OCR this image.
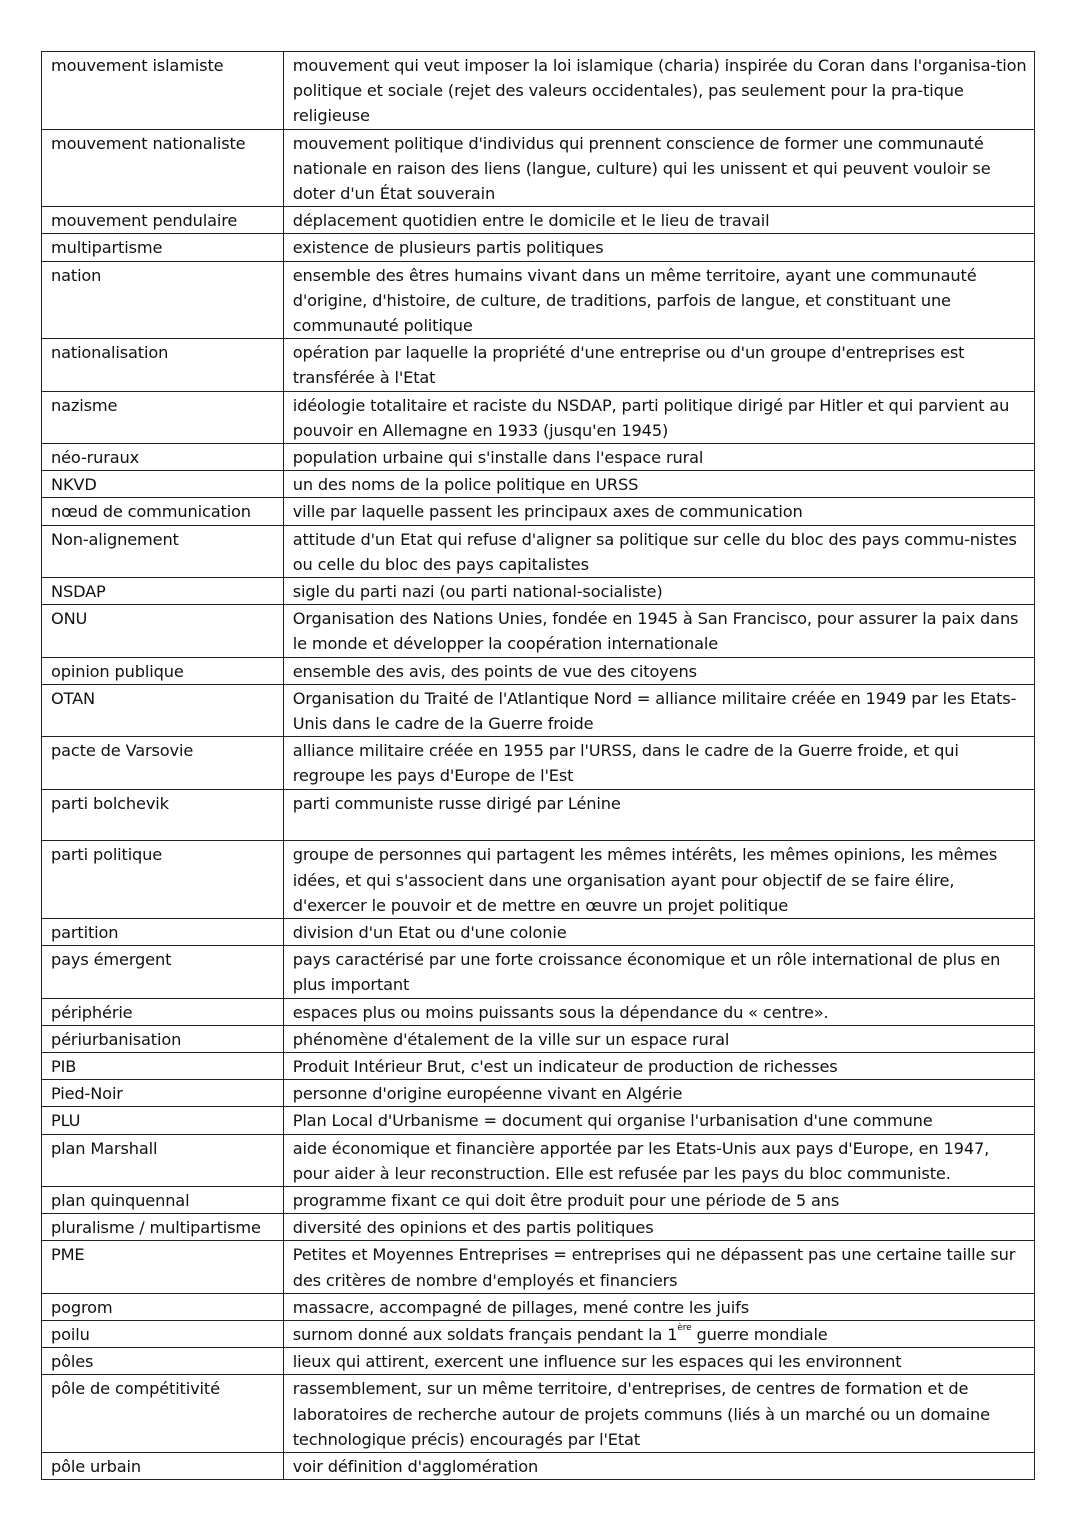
mouvement islamiste	mouvement qui veut imposer la loi islamique (charia) inspirée du Coran dans l'organisa-tion politique et sociale (rejet des valeurs occidentales), pas seulement pour la pra-tique religieuse
mouvement nationaliste	mouvement politique d'individus qui prennent conscience de former une communauté nationale en raison des liens (langue, culture) qui les unissent et qui peuvent vouloir se doter d'un État souverain
mouvement pendulaire	déplacement quotidien entre le domicile et le lieu de travail
multipartisme	existence de plusieurs partis politiques
nation	ensemble des êtres humains vivant dans un même territoire, ayant une communauté d'origine, d'histoire, de culture, de traditions, parfois de langue, et constituant une communauté politique
nationalisation	opération par laquelle la propriété d'une entreprise ou d'un groupe d'entreprises est transférée à l'Etat
nazisme	idéologie totalitaire et raciste du NSDAP, parti politique dirigé par Hitler et qui parvient au pouvoir en Allemagne en 1933 (jusqu'en 1945)
néo-ruraux	population urbaine qui s'installe dans l'espace rural
NKVD	un des noms de la police politique en URSS
nœud de communication	ville par laquelle passent les principaux axes de communication
Non-alignement	attitude d'un Etat qui refuse d'aligner sa politique sur celle du bloc des pays commu-nistes ou celle du bloc des pays capitalistes
NSDAP	sigle du parti nazi (ou parti national-socialiste)
ONU	Organisation des Nations Unies, fondée en 1945 à San Francisco, pour assurer la paix dans le monde et développer la coopération internationale
opinion publique	ensemble des avis, des points de vue des citoyens
OTAN	Organisation du Traité de l'Atlantique Nord = alliance militaire créée en 1949 par les Etats-Unis dans le cadre de la Guerre froide
pacte de Varsovie	alliance militaire créée en 1955 par l'URSS, dans le cadre de la Guerre froide, et qui regroupe les pays d'Europe de l'Est
parti bolchevik	parti communiste russe dirigé par Lénine
parti politique	groupe de personnes qui partagent les mêmes intérêts, les mêmes opinions, les mêmes idées, et qui s'associent dans une organisation ayant pour objectif de se faire élire, d'exercer le pouvoir et de mettre en œuvre un projet politique
partition	division d'un Etat ou d'une colonie
pays émergent	pays caractérisé par une forte croissance économique et un rôle international de plus en plus important
périphérie	espaces plus ou moins puissants sous la dépendance du « centre».
périurbanisation	phénomène d'étalement de la ville sur un espace rural
PIB	Produit Intérieur Brut, c'est un indicateur de production de richesses
Pied-Noir	personne d'origine européenne vivant en Algérie
PLU	Plan Local d'Urbanisme = document qui organise l'urbanisation d'une commune
plan Marshall	aide économique et financière apportée par les Etats-Unis aux pays d'Europe, en 1947, pour aider à leur reconstruction. Elle est refusée par les pays du bloc communiste.
plan quinquennal	programme fixant ce qui doit être produit pour une période de 5 ans
pluralisme / multipartisme	diversité des opinions et des partis politiques
PME	Petites et Moyennes Entreprises = entreprises qui ne dépassent pas une certaine taille sur des critères de nombre d'employés et financiers
pogrom	massacre, accompagné de pillages, mené contre les juifs
poilu	surnom donné aux soldats français pendant la 1ère guerre mondiale
pôles	lieux qui attirent, exercent une influence sur les espaces qui les environnent
pôle de compétitivité	rassemblement, sur un même territoire, d'entreprises, de centres de formation et de laboratoires de recherche autour de projets communs (liés à un marché ou un domaine technologique précis) encouragés par l'Etat
pôle urbain	voir définition d'agglomération
